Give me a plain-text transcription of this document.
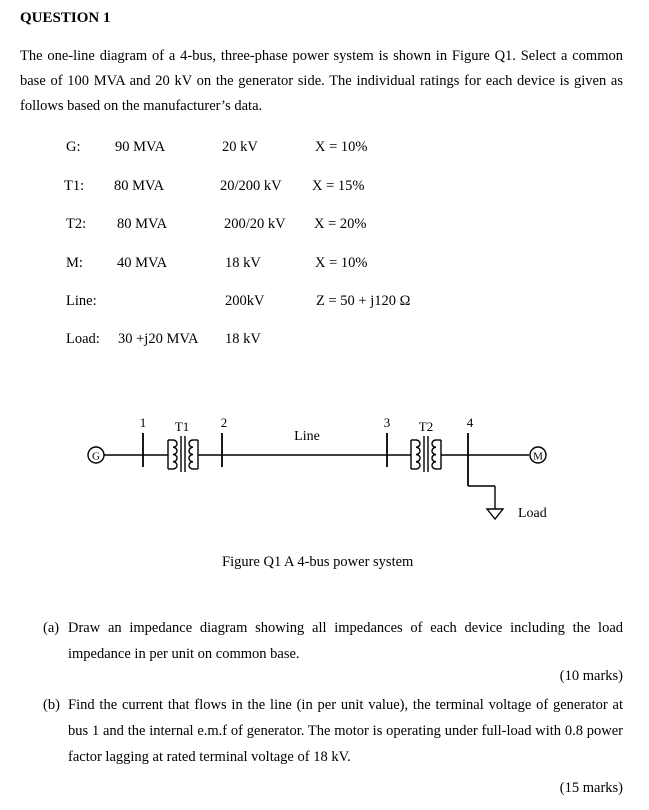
QUESTION 1
The one-line diagram of a 4-bus, three-phase power system is shown in Figure Q1. Select a common base of 100 MVA and 20 kV on the generator side. The individual ratings for each device is given as follows based on the manufacturer’s data.
G: 90 MVA	20 kV	X = 10%
T1: 80 MVA	20/200 kV X = 15%
T2: 80 MVA	200/20 kV X = 20%
M: 40 MVA	18 kV	X = 10%
Line:	200kV	Z = 50 + j120 Ω
Load: 30 +j20 MVA 18 kV
G	M
1	2	3	4
T1	T2
Line
Load
Figure Q1 A 4-bus power system
(a) Draw an impedance diagram showing all impedances of each device including the load impedance in per unit on common base.
(10 marks)
(b) Find the current that flows in the line (in per unit value), the terminal voltage of generator at bus 1 and the internal e.m.f of generator. The motor is operating under full-load with 0.8 power factor lagging at rated terminal voltage of 18 kV.
(15 marks)
